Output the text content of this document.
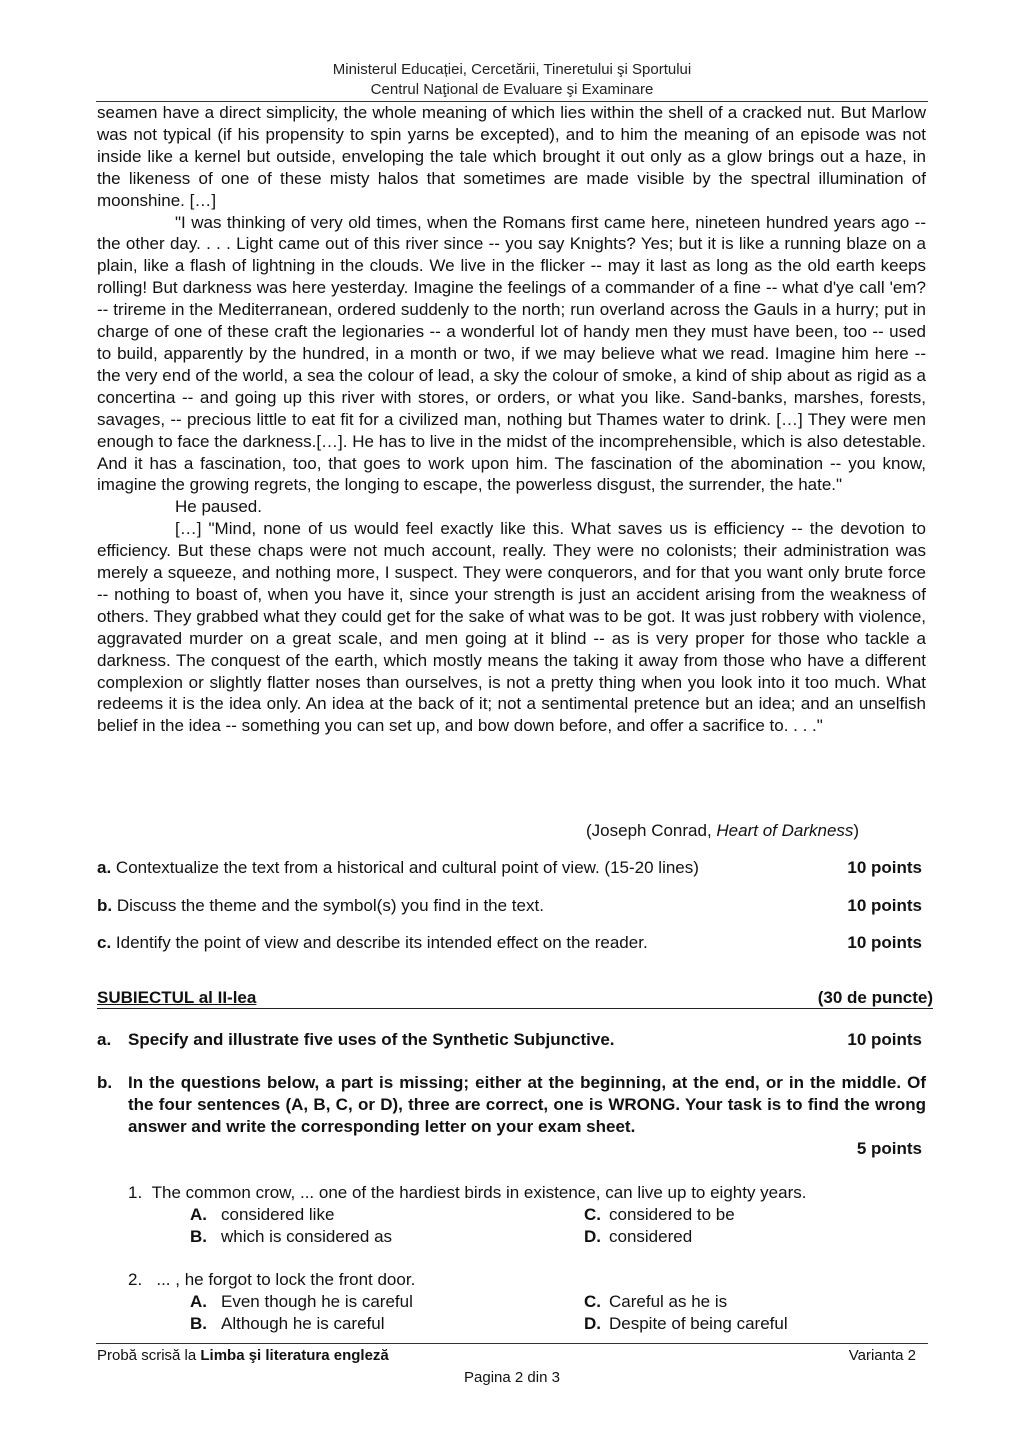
Ministerul Educației, Cercetării, Tineretului şi Sportului
Centrul Naţional de Evaluare şi Examinare

seamen have a direct simplicity, the whole meaning of which lies within the shell of a cracked nut. But Marlow was not typical (if his propensity to spin yarns be excepted), and to him the meaning of an episode was not inside like a kernel but outside, enveloping the tale which brought it out only as a glow brings out a haze, in the likeness of one of these misty halos that sometimes are made visible by the spectral illumination of moonshine. […]

"I was thinking of very old times, when the Romans first came here, nineteen hundred years ago -- the other day. . . . Light came out of this river since -- you say Knights? Yes; but it is like a running blaze on a plain, like a flash of lightning in the clouds. We live in the flicker -- may it last as long as the old earth keeps rolling! But darkness was here yesterday. Imagine the feelings of a commander of a fine -- what d'ye call 'em? -- trireme in the Mediterranean, ordered suddenly to the north; run overland across the Gauls in a hurry; put in charge of one of these craft the legionaries -- a wonderful lot of handy men they must have been, too -- used to build, apparently by the hundred, in a month or two, if we may believe what we read. Imagine him here -- the very end of the world, a sea the colour of lead, a sky the colour of smoke, a kind of ship about as rigid as a concertina -- and going up this river with stores, or orders, or what you like. Sand-banks, marshes, forests, savages, -- precious little to eat fit for a civilized man, nothing but Thames water to drink. […] They were men enough to face the darkness.[…]. He has to live in the midst of the incomprehensible, which is also detestable. And it has a fascination, too, that goes to work upon him. The fascination of the abomination -- you know, imagine the growing regrets, the longing to escape, the powerless disgust, the surrender, the hate."

He paused.

[…] "Mind, none of us would feel exactly like this. What saves us is efficiency -- the devotion to efficiency. But these chaps were not much account, really. They were no colonists; their administration was merely a squeeze, and nothing more, I suspect. They were conquerors, and for that you want only brute force -- nothing to boast of, when you have it, since your strength is just an accident arising from the weakness of others. They grabbed what they could get for the sake of what was to be got. It was just robbery with violence, aggravated murder on a great scale, and men going at it blind -- as is very proper for those who tackle a darkness. The conquest of the earth, which mostly means the taking it away from those who have a different complexion or slightly flatter noses than ourselves, is not a pretty thing when you look into it too much. What redeems it is the idea only. An idea at the back of it; not a sentimental pretence but an idea; and an unselfish belief in the idea -- something you can set up, and bow down before, and offer a sacrifice to. . . ."

(Joseph Conrad, Heart of Darkness)
a. Contextualize the text from a historical and cultural point of view. (15-20 lines)	10 points
b. Discuss the theme and the symbol(s) you find in the text.	10 points
c. Identify the point of view and describe its intended effect on the reader.	10 points
SUBIECTUL al II-lea	(30 de puncte)
a. Specify and illustrate five uses of the Synthetic Subjunctive.	10 points
b. In the questions below, a part is missing; either at the beginning, at the end, or in the middle. Of the four sentences (A, B, C, or D), three are correct, one is WRONG. Your task is to find the wrong answer and write the corresponding letter on your exam sheet.
5 points
1. The common crow, ... one of the hardiest birds in existence, can live up to eighty years.
A. considered like
B. which is considered as
C. considered to be
D. considered
2. ... , he forgot to lock the front door.
A. Even though he is careful
B. Although he is careful
C. Careful as he is
D. Despite of being careful
Probă scrisă la Limba şi literatura engleză	Varianta 2
Pagina 2 din 3
